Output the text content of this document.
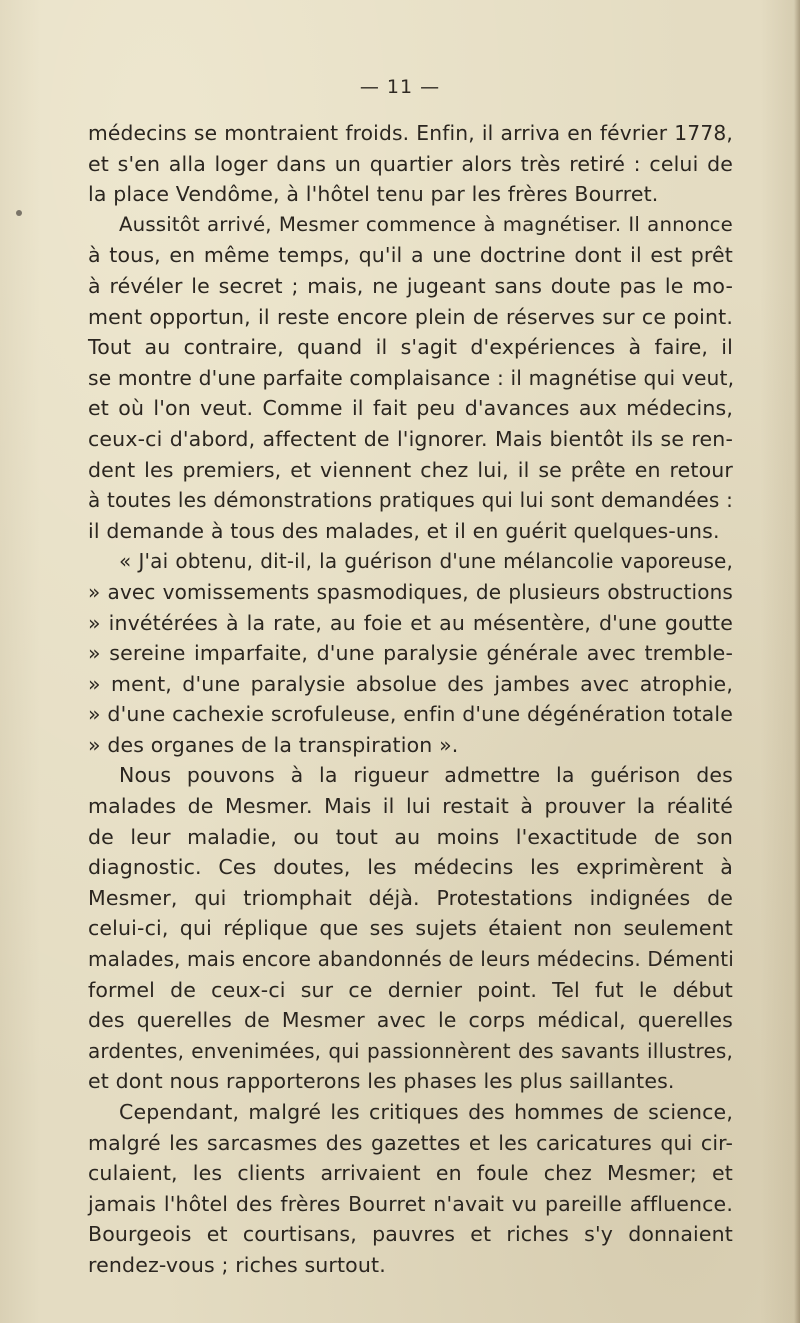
— 11 —
médecins se montraient froids. Enfin, il arriva en février 1778,
et s'en alla loger dans un quartier alors très retiré : celui de
la place Vendôme, à l'hôtel tenu par les frères Bourret.
Aussitôt arrivé, Mesmer commence à magnétiser. Il annonce
à tous, en même temps, qu'il a une doctrine dont il est prêt
à révéler le secret ; mais, ne jugeant sans doute pas le mo-
ment opportun, il reste encore plein de réserves sur ce point.
Tout au contraire, quand il s'agit d'expériences à faire, il
se montre d'une parfaite complaisance : il magnétise qui veut,
et où l'on veut. Comme il fait peu d'avances aux médecins,
ceux-ci d'abord, affectent de l'ignorer. Mais bientôt ils se ren-
dent les premiers, et viennent chez lui, il se prête en retour
à toutes les démonstrations pratiques qui lui sont demandées :
il demande à tous des malades, et il en guérit quelques-uns.
« J'ai obtenu, dit-il, la guérison d'une mélancolie vaporeuse,
» avec vomissements spasmodiques, de plusieurs obstructions
» invétérées à la rate, au foie et au mésentère, d'une goutte
» sereine imparfaite, d'une paralysie générale avec tremble-
» ment, d'une paralysie absolue des jambes avec atrophie,
» d'une cachexie scrofuleuse, enfin d'une dégénération totale
» des organes de la transpiration ».
Nous pouvons à la rigueur admettre la guérison des
malades de Mesmer. Mais il lui restait à prouver la réalité
de leur maladie, ou tout au moins l'exactitude de son
diagnostic. Ces doutes, les médecins les exprimèrent à
Mesmer, qui triomphait déjà. Protestations indignées de
celui-ci, qui réplique que ses sujets étaient non seulement
malades, mais encore abandonnés de leurs médecins. Démenti
formel de ceux-ci sur ce dernier point. Tel fut le début
des querelles de Mesmer avec le corps médical, querelles
ardentes, envenimées, qui passionnèrent des savants illustres,
et dont nous rapporterons les phases les plus saillantes.
Cependant, malgré les critiques des hommes de science,
malgré les sarcasmes des gazettes et les caricatures qui cir-
culaient, les clients arrivaient en foule chez Mesmer; et
jamais l'hôtel des frères Bourret n'avait vu pareille affluence.
Bourgeois et courtisans, pauvres et riches s'y donnaient
rendez-vous ; riches surtout.
